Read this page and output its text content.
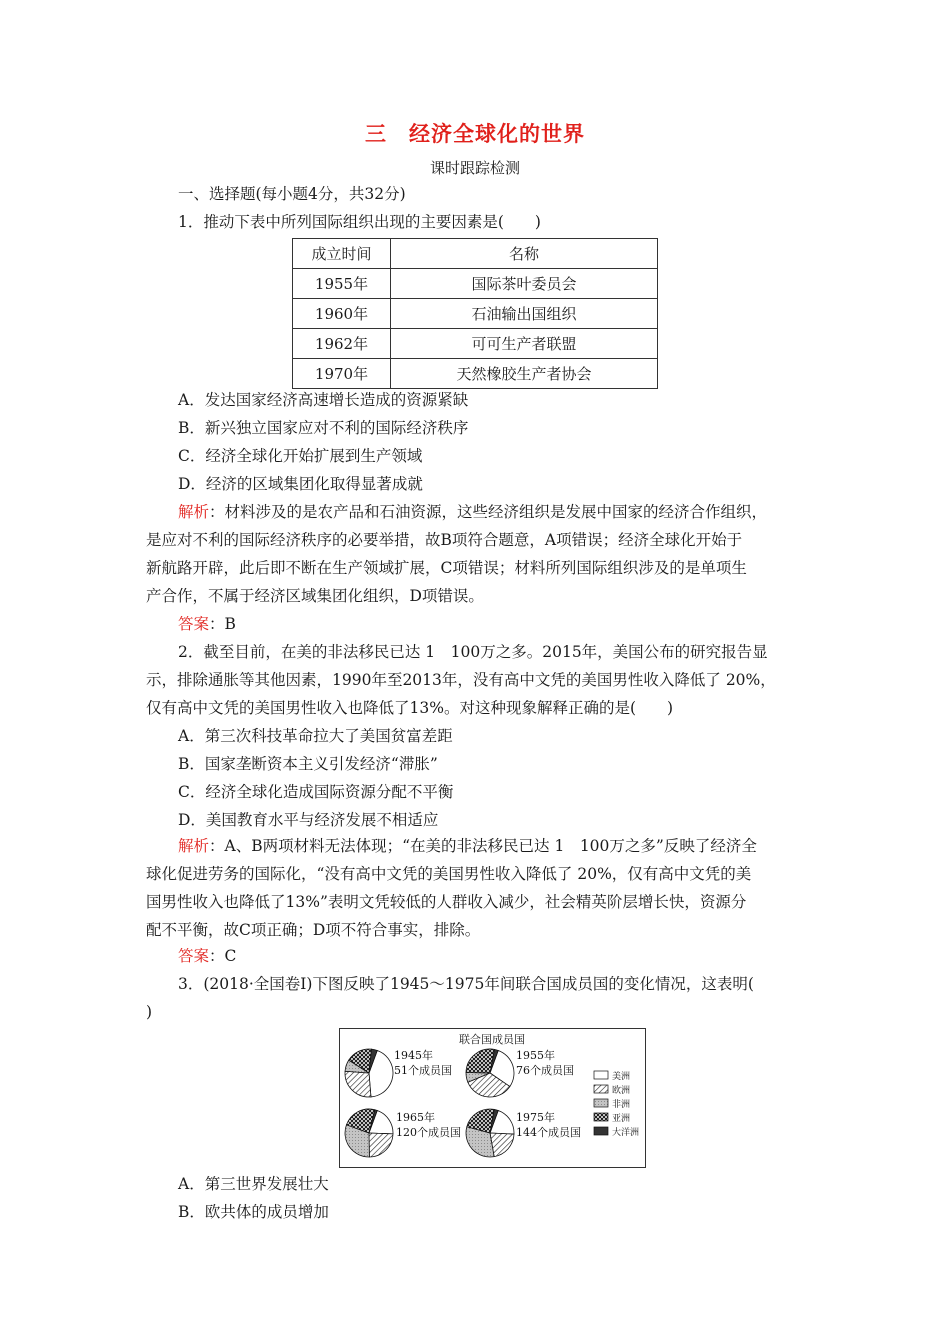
三　经济全球化的世界
课时跟踪检测
一、选择题(每小题4分，共32分)
1．推动下表中所列国际组织出现的主要因素是(　　)
成立时间	名称
1955年	国际茶叶委员会
1960年	石油输出国组织
1962年	可可生产者联盟
1970年	天然橡胶生产者协会
A．发达国家经济高速增长造成的资源紧缺
B．新兴独立国家应对不利的国际经济秩序
C．经济全球化开始扩展到生产领域
D．经济的区域集团化取得显著成就
解析：材料涉及的是农产品和石油资源，这些经济组织是发展中国家的经济合作组织，
是应对不利的国际经济秩序的必要举措，故B项符合题意，A项错误；经济全球化开始于
新航路开辟，此后即不断在生产领域扩展，C项错误；材料所列国际组织涉及的是单项生
产合作，不属于经济区域集团化组织，D项错误。
答案：B
2．截至目前，在美的非法移民已达 1　100万之多。2015年，美国公布的研究报告显
示，排除通胀等其他因素，1990年至2013年，没有高中文凭的美国男性收入降低了 20%，
仅有高中文凭的美国男性收入也降低了13%。对这种现象解释正确的是(　　)
A．第三次科技革命拉大了美国贫富差距
B．国家垄断资本主义引发经济“滞胀”
C．经济全球化造成国际资源分配不平衡
D．美国教育水平与经济发展不相适应
解析：A、B两项材料无法体现；“在美的非法移民已达 1　100万之多”反映了经济全
球化促进劳务的国际化，“没有高中文凭的美国男性收入降低了 20%，仅有高中文凭的美
国男性收入也降低了13%”表明文凭较低的人群收入减少，社会精英阶层增长快，资源分
配不平衡，故C项正确；D项不符合事实，排除。
答案：C
3．(2018·全国卷Ⅰ)下图反映了1945～1975年间联合国成员国的变化情况，这表明(
)
联合国成员国
1945年
51个成员国
1955年
76个成员国
1965年
120个成员国
1975年
144个成员国
美洲
欧洲
非洲
亚洲
大洋洲
A．第三世界发展壮大
B．欧共体的成员增加
